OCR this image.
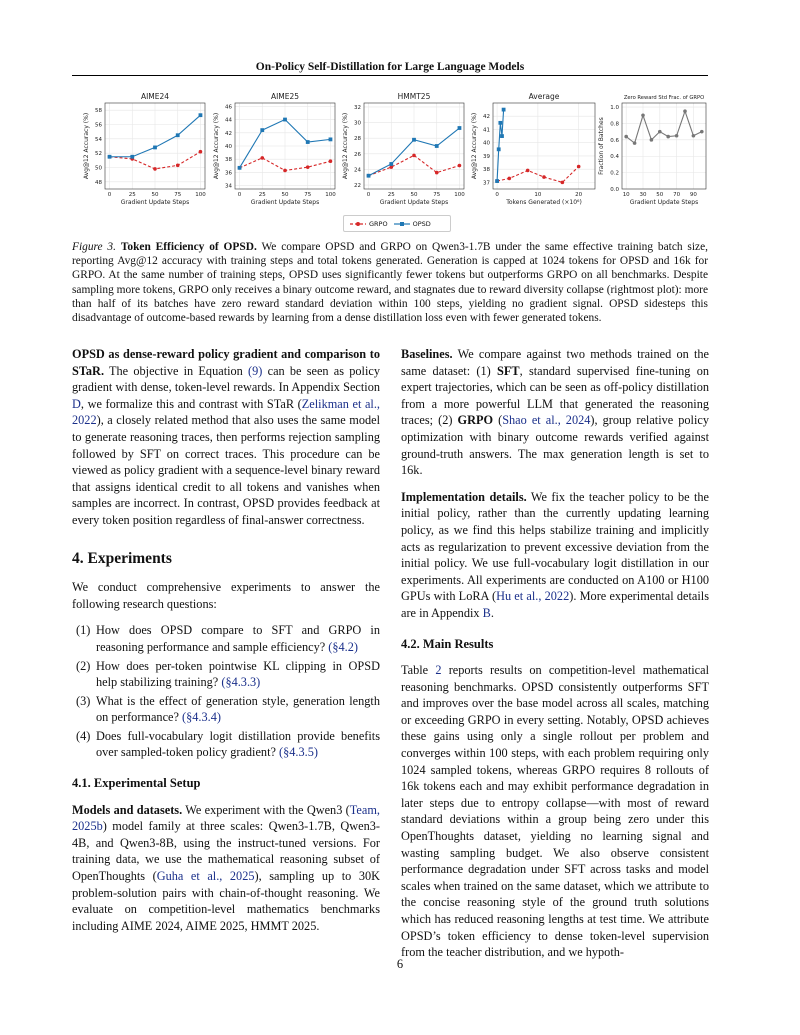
On-Policy Self-Distillation for Large Language Models
48
50
52
54
56
58
0	25	50	75	100
AIME24
Gradient Update Steps
Avg@12 Accuracy (%)
34
36
38
40
42
44
46
0	25	50	75	100
AIME25
Gradient Update Steps
Avg@12 Accuracy (%)
22
24
26
28
30
32
0	25	50	75	100
HMMT25
Gradient Update Steps
Avg@12 Accuracy (%)
37
38
39
40
41
42
0	10	20
Average
Tokens Generated (×10⁶)
Avg@12 Accuracy (%)
0.0
0.2
0.4
0.6
0.8
1.0
10 30 50 70 90
Zero Reward Std Frac. of GRPO
Gradient Update Steps
Fraction of Batches
GRPO	OPSD
Figure 3. Token Efficiency of OPSD. We compare OPSD and GRPO on Qwen3-1.7B under the same effective training batch size, reporting Avg@12 accuracy with training steps and total tokens generated. Generation is capped at 1024 tokens for OPSD and 16k for GRPO. At the same number of training steps, OPSD uses significantly fewer tokens but outperforms GRPO on all benchmarks. Despite sampling more tokens, GRPO only receives a binary outcome reward, and stagnates due to reward diversity collapse (rightmost plot): more than half of its batches have zero reward standard deviation within 100 steps, yielding no gradient signal. OPSD sidesteps this disadvantage of outcome-based rewards by learning from a dense distillation loss even with fewer generated tokens.

OPSD as dense-reward policy gradient and comparison to STaR. The objective in Equation (9) can be seen as policy gradient with dense, token-level rewards. In Appendix Section D, we formalize this and contrast with STaR (Zelikman et al., 2022), a closely related method that also uses the same model to generate reasoning traces, then performs rejection sampling followed by SFT on correct traces. This procedure can be viewed as policy gradient with a sequence-level binary reward that assigns identical credit to all tokens and vanishes when samples are incorrect. In contrast, OPSD provides feedback at every token position regardless of final-answer correctness.

4. Experiments

We conduct comprehensive experiments to answer the following research questions:

(1) How does OPSD compare to SFT and GRPO in reasoning performance and sample efficiency? (§4.2)
(2) How does per-token pointwise KL clipping in OPSD help stabilizing training? (§4.3.3)
(3) What is the effect of generation style, generation length on performance? (§4.3.4)
(4) Does full-vocabulary logit distillation provide benefits over sampled-token policy gradient? (§4.3.5)
4.1. Experimental Setup

Models and datasets. We experiment with the Qwen3 (Team, 2025b) model family at three scales: Qwen3-1.7B, Qwen3-4B, and Qwen3-8B, using the instruct-tuned versions. For training data, we use the mathematical reasoning subset of OpenThoughts (Guha et al., 2025), sampling up to 30K problem-solution pairs with chain-of-thought reasoning. We evaluate on competition-level mathematics benchmarks including AIME 2024, AIME 2025, HMMT 2025.

Baselines. We compare against two methods trained on the same dataset: (1) SFT, standard supervised fine-tuning on expert trajectories, which can be seen as off-policy distillation from a more powerful LLM that generated the reasoning traces; (2) GRPO (Shao et al., 2024), group relative policy optimization with binary outcome rewards verified against ground-truth answers. The max generation length is set to 16k.

Implementation details. We fix the teacher policy to be the initial policy, rather than the currently updating learning policy, as we find this helps stabilize training and implicitly acts as regularization to prevent excessive deviation from the initial policy. We use full-vocabulary logit distillation in our experiments. All experiments are conducted on A100 or H100 GPUs with LoRA (Hu et al., 2022). More experimental details are in Appendix B.

4.2. Main Results

Table 2 reports results on competition-level mathematical reasoning benchmarks. OPSD consistently outperforms SFT and improves over the base model across all scales, matching or exceeding GRPO in every setting. Notably, OPSD achieves these gains using only a single rollout per problem and converges within 100 steps, with each problem requiring only 1024 sampled tokens, whereas GRPO requires 8 rollouts of 16k tokens each and may exhibit performance degradation in later steps due to entropy collapse—with most of reward standard deviations within a group being zero under this OpenThoughts dataset, yielding no learning signal and wasting sampling budget. We also observe consistent performance degradation under SFT across tasks and model scales when trained on the same dataset, which we attribute to the concise reasoning style of the ground truth solutions which has reduced reasoning lengths at test time. We attribute OPSD’s token efficiency to dense token-level supervision from the teacher distribution, and we hypoth-

6
